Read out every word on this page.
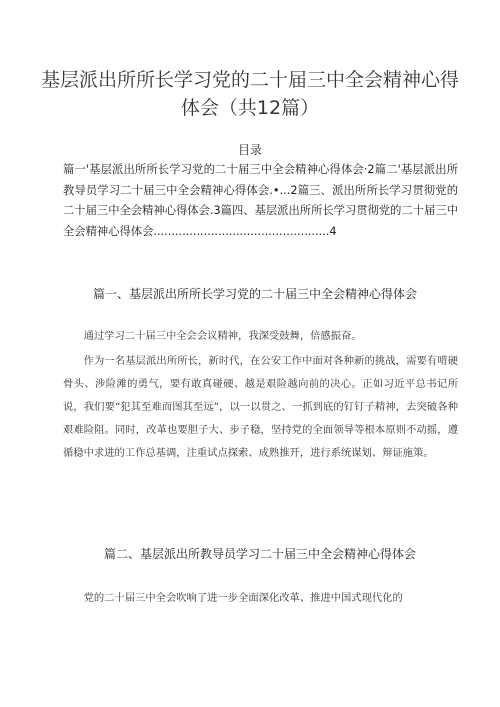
基层派出所所长学习党的二十届三中全会精神心得体会（共12篇）
目录
篇一'基层派出所所长学习党的二十届三中全会精神心得体会·2篇二'基层派出所教导员学习二十届三中全会精神心得体会.•...2篇三、派出所所长学习贯彻党的二十届三中全会精神心得体会.3篇四、基层派出所所长学习贯彻党的二十届三中全会精神心得体会.................................................4
篇一、基层派出所所长学习党的二十届三中全会精神心得体会

通过学习二十届三中全会会议精神，我深受鼓舞，倍感振奋。

作为一名基层派出所所长，新时代，在公安工作中面对各种新的挑战，需要有啃硬骨头、涉险滩的勇气，要有敢真碰硬、越是艰险越向前的决心。正如习近平总书记所说，我们要“犯其至难而图其至远”，以一以贯之、一抓到底的钉钉子精神，去突破各种艰难险阻。同时，改革也要胆子大、步子稳，坚持党的全面领导等根本原则不动摇，遵循稳中求进的工作总基调，注重试点探索、成熟推开，进行系统谋划、辩证施策。

篇二、基层派出所教导员学习二十届三中全会精神心得体会

党的二十届三中全会吹响了进一步全面深化改革、推进中国式现代化的
